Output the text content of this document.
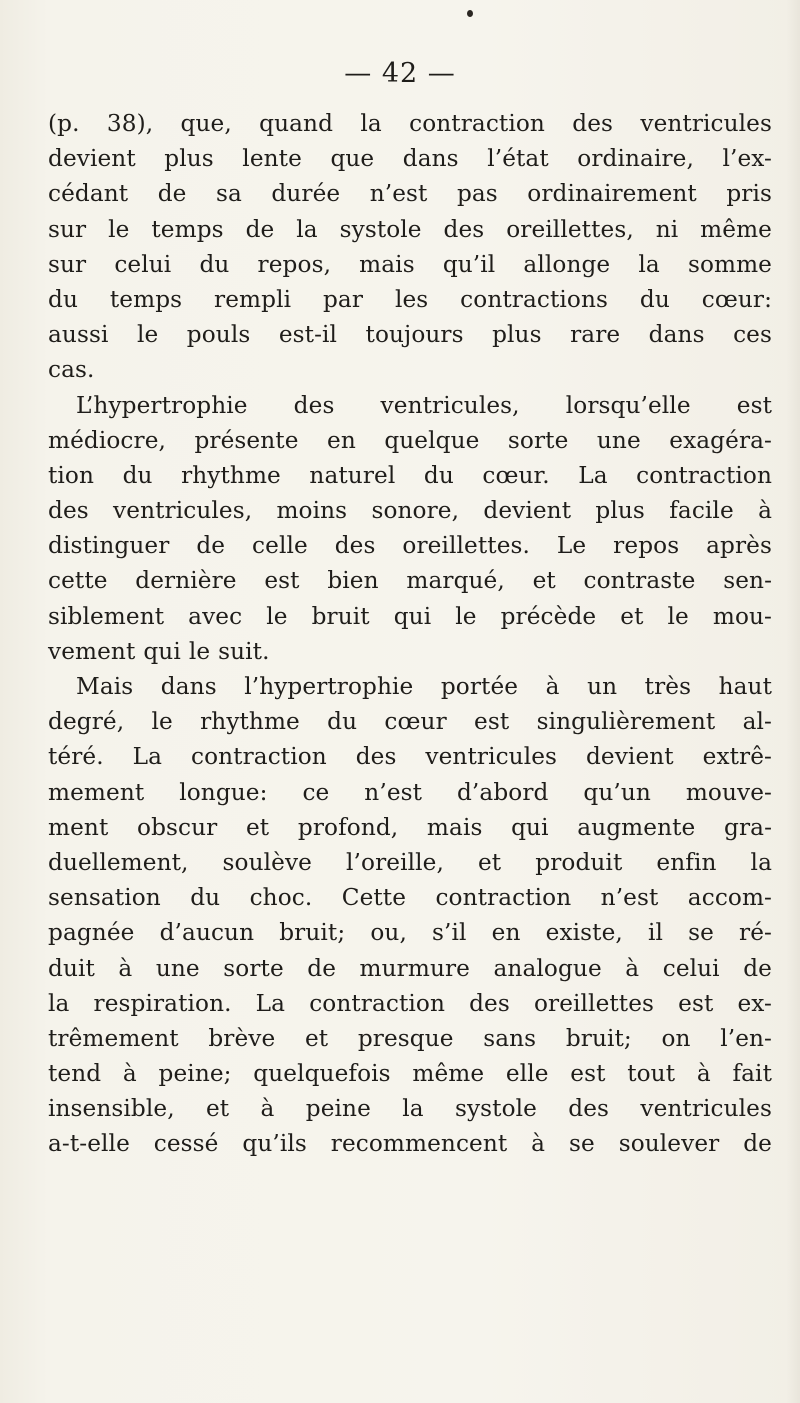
— 42 —
(p. 38), que, quand la contraction des ventricules
devient plus lente que dans l’état ordinaire, l’ex-
cédant de sa durée n’est pas ordinairement pris
sur le temps de la systole des oreillettes, ni même
sur celui du repos, mais qu’il allonge la somme
du temps rempli par les contractions du cœur:
aussi le pouls est-il toujours plus rare dans ces
cas.
L’hypertrophie des ventricules, lorsqu’elle est
médiocre, présente en quelque sorte une exagéra-
tion du rhythme naturel du cœur. La contraction
des ventricules, moins sonore, devient plus facile à
distinguer de celle des oreillettes. Le repos après
cette dernière est bien marqué, et contraste sen-
siblement avec le bruit qui le précède et le mou-
vement qui le suit.
Mais dans l’hypertrophie portée à un très haut
degré, le rhythme du cœur est singulièrement al-
téré. La contraction des ventricules devient extrê-
mement longue: ce n’est d’abord qu’un mouve-
ment obscur et profond, mais qui augmente gra-
duellement, soulève l’oreille, et produit enfin la
sensation du choc. Cette contraction n’est accom-
pagnée d’aucun bruit; ou, s’il en existe, il se ré-
duit à une sorte de murmure analogue à celui de
la respiration. La contraction des oreillettes est ex-
trêmement brève et presque sans bruit; on l’en-
tend à peine; quelquefois même elle est tout à fait
insensible, et à peine la systole des ventricules
a-t-elle cessé qu’ils recommencent à se soulever de
